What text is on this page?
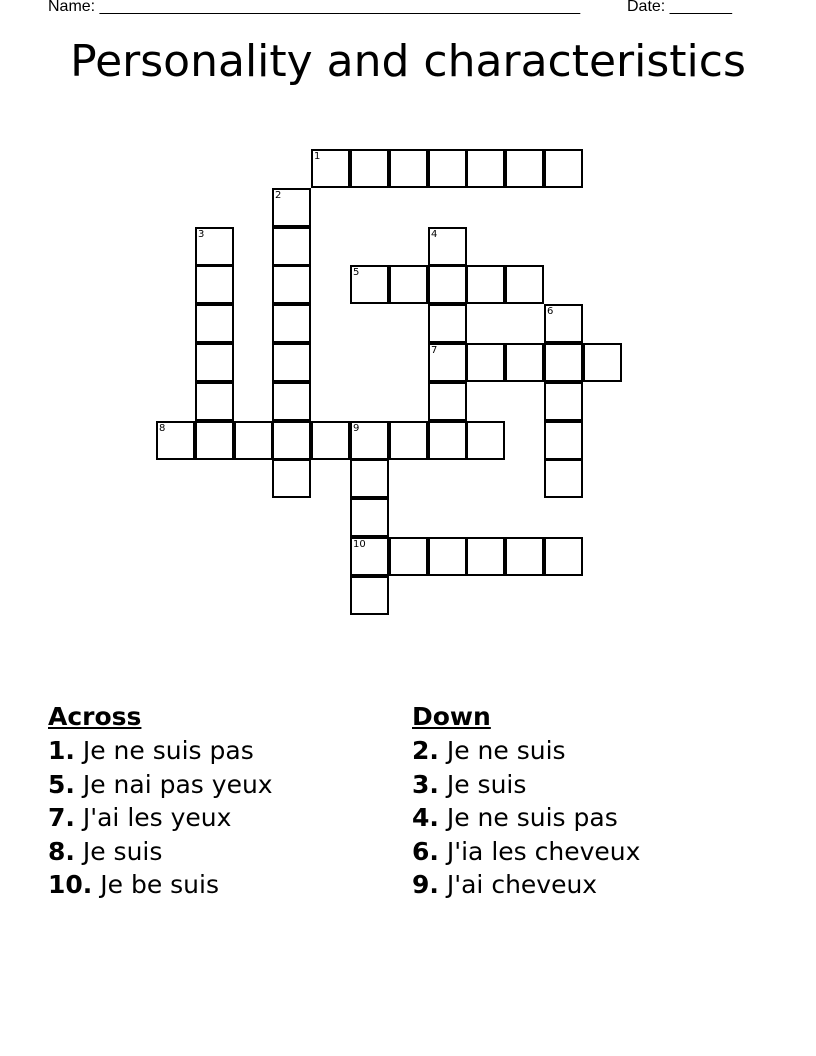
Name: ______________________________________________________	Date: _______
Personality and characteristics
1
2
3	4
7
5
6
8	9
10
Across
1. Je ne suis pas
5. Je nai pas yeux
7. J'ai les yeux
8. Je suis
10. Je be suis
Down
2. Je ne suis
3. Je suis
4. Je ne suis pas
6. J'ia les cheveux
9. J'ai cheveux
